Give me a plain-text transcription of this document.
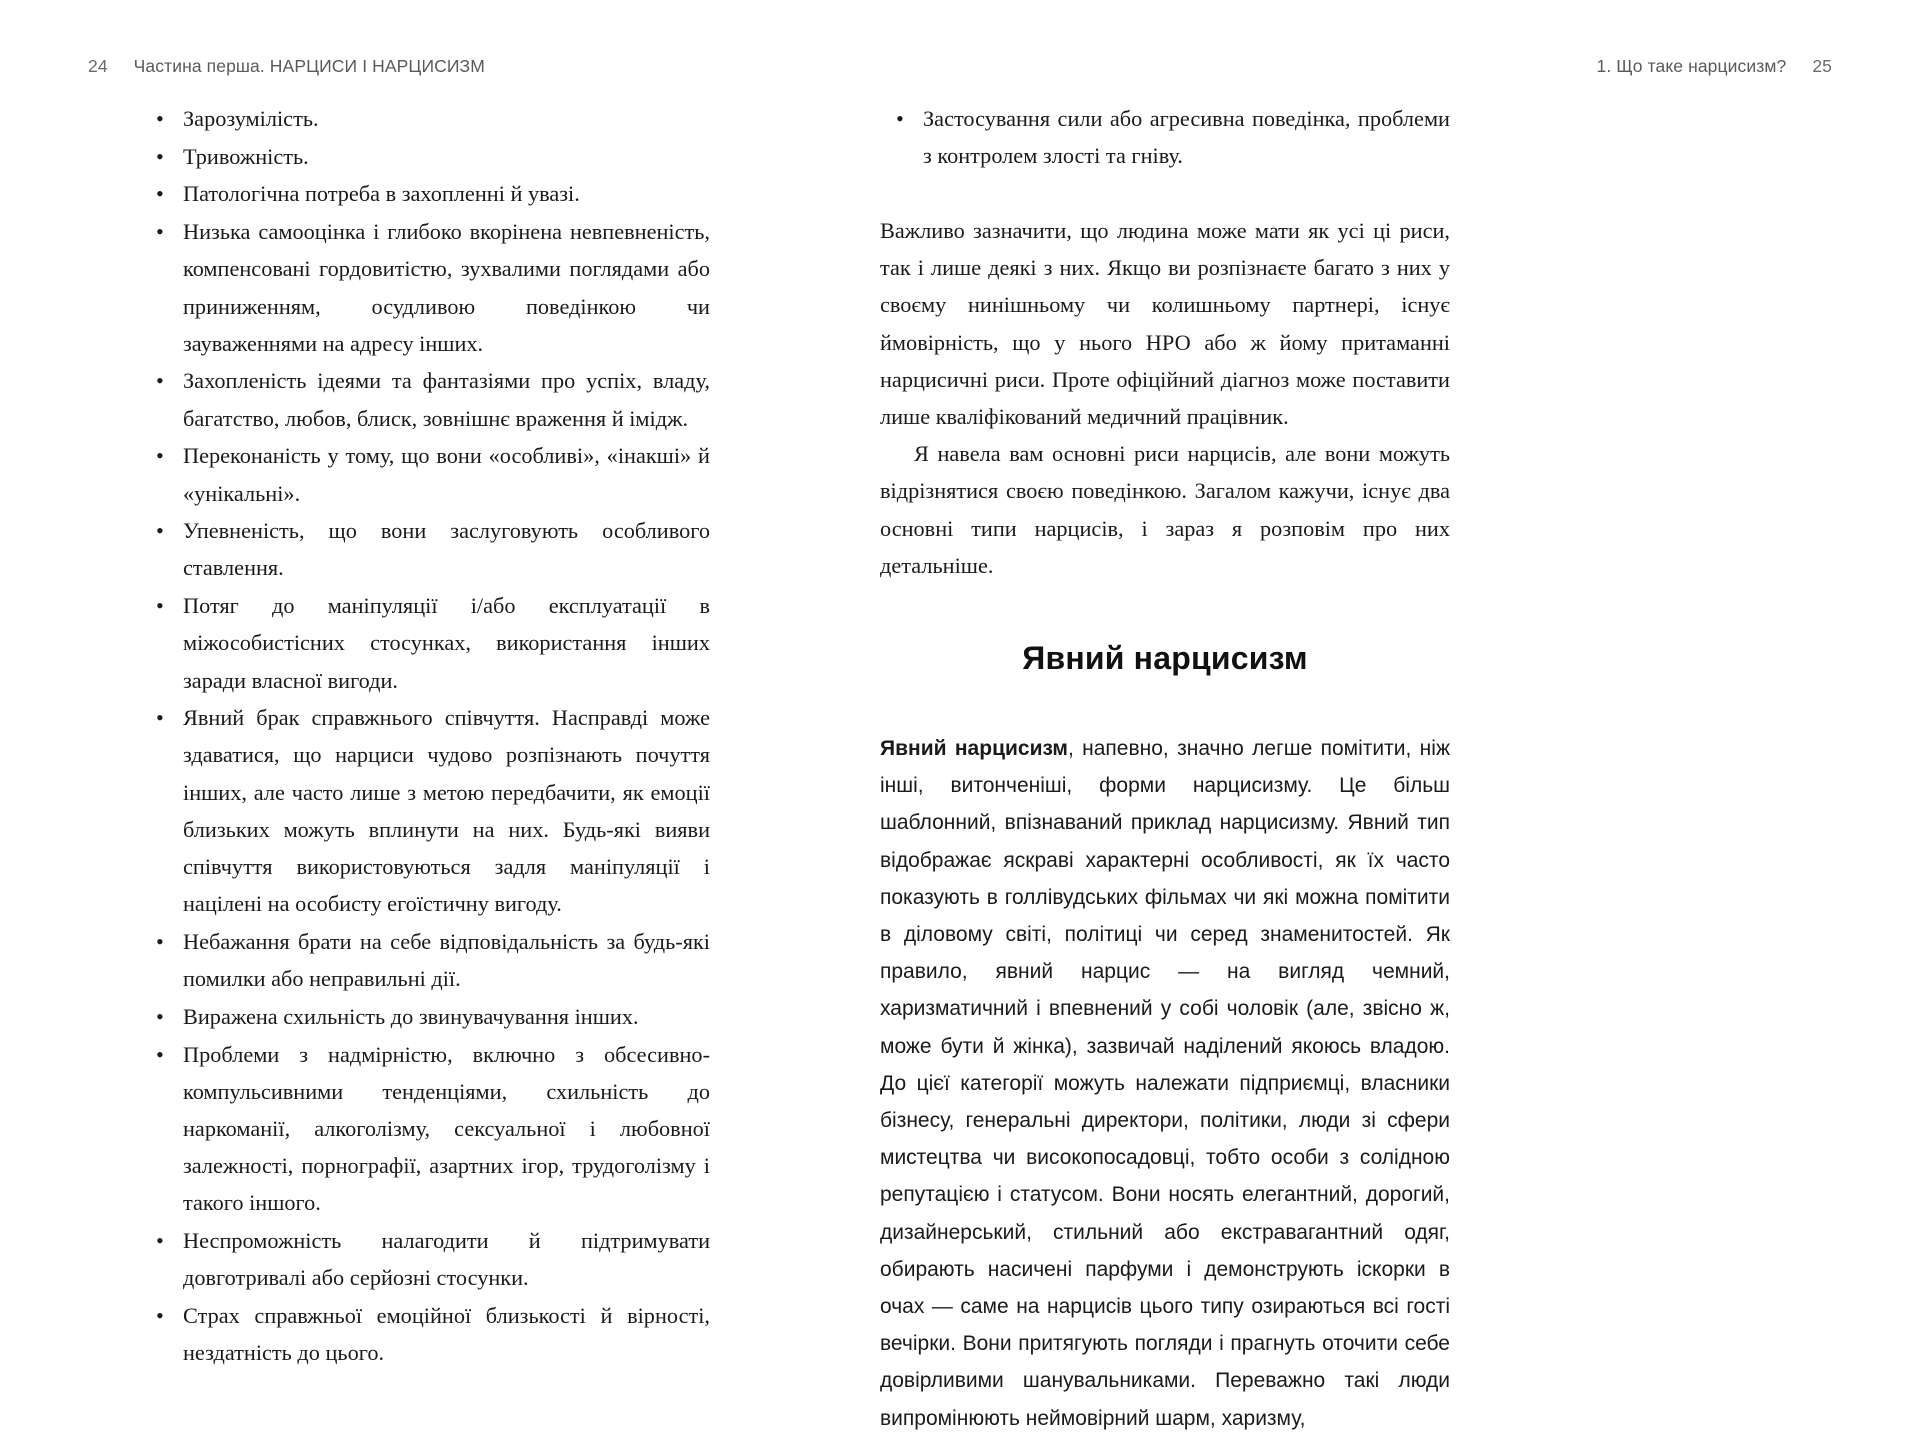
24 Частина перша. НАРЦИСИ І НАРЦИСИЗМ	1. Що таке нарцисизм? 25
•
Зарозумілість.
•
Тривожність.
•
Патологічна потреба в захопленні й увазі.
•
Низька самооцінка і глибоко вкорінена невпевненість, компенсовані гордовитістю, зухвалими поглядами або приниженням, осудливою поведінкою чи зауваженнями на адресу інших.
•
Захопленість ідеями та фантазіями про успіх, владу, багатство, любов, блиск, зовнішнє враження й імідж.
•
Переконаність у тому, що вони «особливі», «інакші» й «унікальні».
•
Упевненість, що вони заслуговують особливого ставлення.
•
Потяг до маніпуляції і/або експлуатації в міжособистісних стосунках, використання інших заради власної вигоди.
•
Явний брак справжнього співчуття. Насправді може здаватися, що нарциси чудово розпізнають почуття інших, але часто лише з метою передбачити, як емоції близьких можуть вплинути на них. Будь-які вияви співчуття використовуються задля маніпуляції і націлені на особисту егоїстичну вигоду.
•
Небажання брати на себе відповідальність за будь-які помилки або неправильні дії.
•
Виражена схильність до звинувачування інших.
•
Проблеми з надмірністю, включно з обсесивно-компульсивними тенденціями, схильність до наркоманії, алкоголізму, сексуальної і любовної залежності, порнографії, азартних ігор, трудоголізму і такого іншого.
•
Неспроможність налагодити й підтримувати довготривалі або серйозні стосунки.
•
Страх справжньої емоційної близькості й вірності, нездатність до цього.
•
Застосування сили або агресивна поведінка, проблеми з контролем злості та гніву.

Важливо зазначити, що людина може мати як усі ці риси, так і лише деякі з них. Якщо ви розпізнаєте багато з них у своєму нинішньому чи колишньому партнері, існує ймовірність, що у нього НРО або ж йому притаманні нарцисичні риси. Проте офіційний діагноз може поставити лише кваліфікований медичний працівник.

Я навела вам основні риси нарцисів, але вони можуть відрізнятися своєю поведінкою. Загалом кажучи, існує два основні типи нарцисів, і зараз я розповім про них детальніше.

Явний нарцисизм

Явний нарцисизм, напевно, значно легше помітити, ніж інші, витонченіші, форми нарцисизму. Це більш шаблонний, впізнаваний приклад нарцисизму. Явний тип відображає яскраві характерні особливості, як їх часто показують в голлівудських фільмах чи які можна помітити в діловому світі, політиці чи серед знаменитостей. Як правило, явний нарцис — на вигляд чемний, харизматичний і впевнений у собі чоловік (але, звісно ж, може бути й жінка), зазвичай наділений якоюсь владою. До цієї категорії можуть належати підприємці, власники бізнесу, генеральні директори, політики, люди зі сфери мистецтва чи високопосадовці, тобто особи з солідною репутацією і статусом. Вони носять елегантний, дорогий, дизайнерський, стильний або екстравагантний одяг, обирають насичені парфуми і демонструють іскорки в очах — саме на нарцисів цього типу озираються всі гості вечірки. Вони притягують погляди і прагнуть оточити себе довірливими шанувальниками. Переважно такі люди випромінюють неймовірний шарм, харизму,
